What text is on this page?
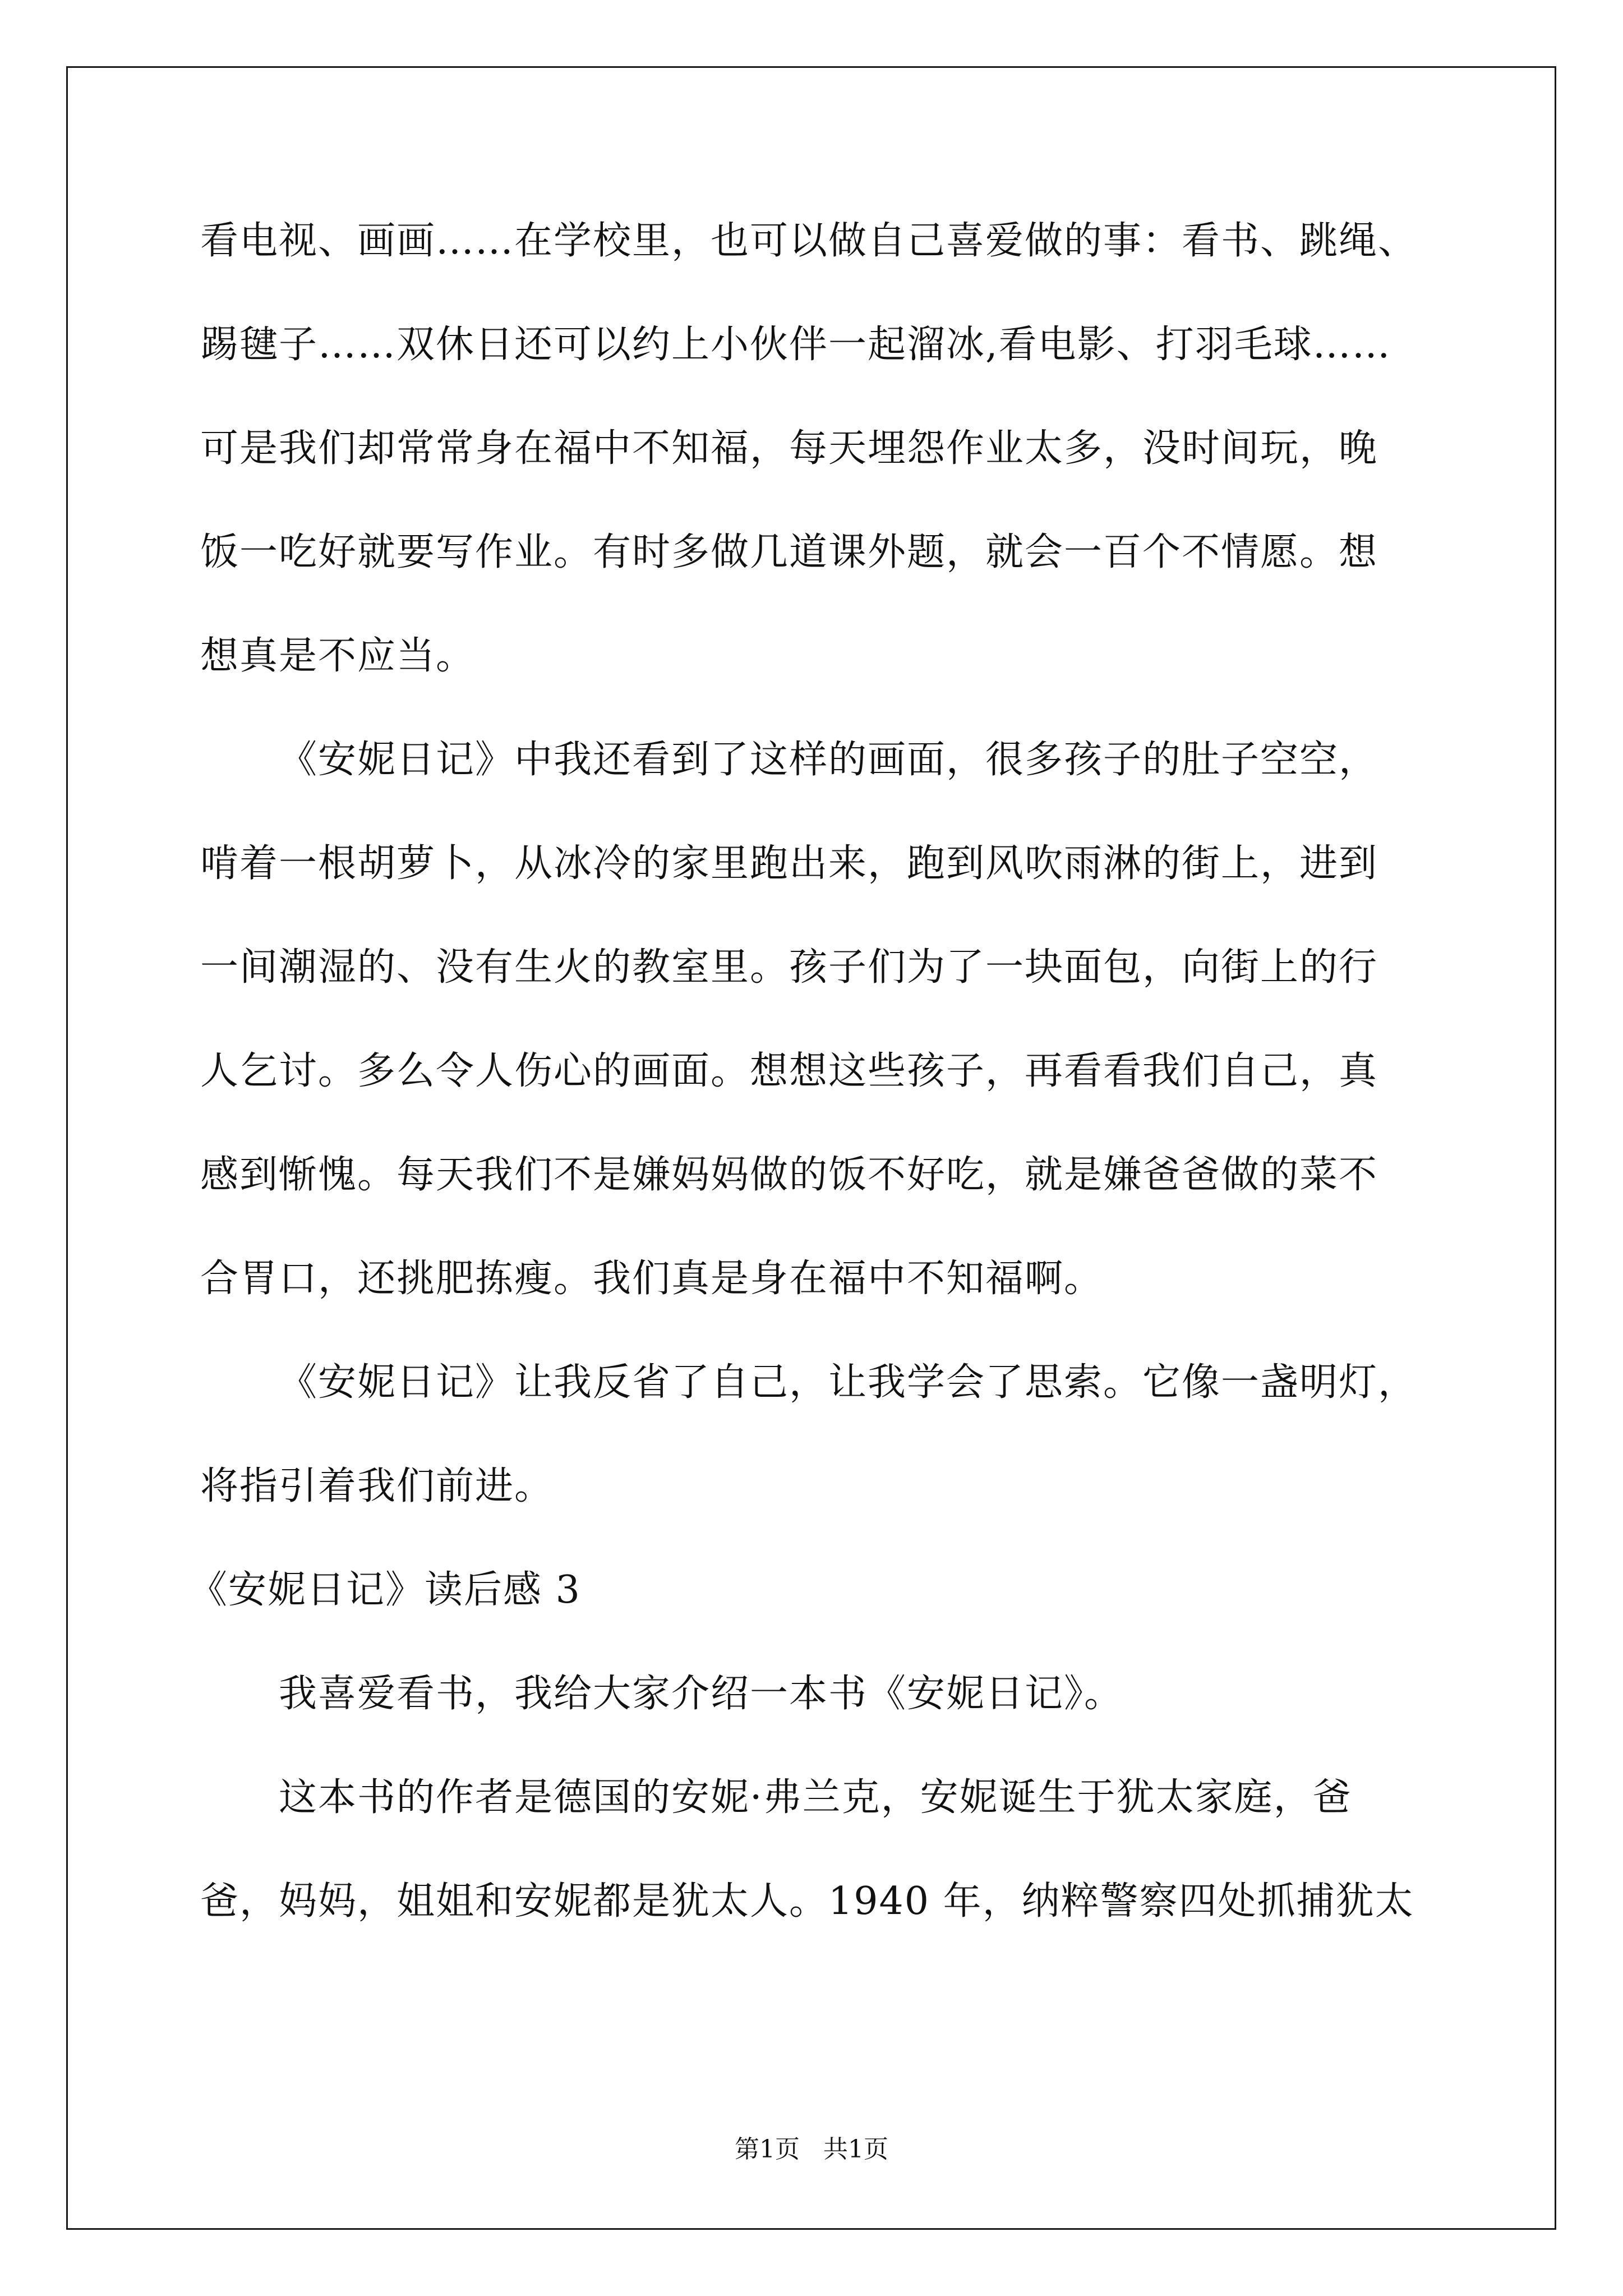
看电视、画画……在学校里，也可以做自己喜爱做的事：看书、跳绳、
踢毽子……双休日还可以约上小伙伴一起溜冰,看电影、打羽毛球……
可是我们却常常身在福中不知福，每天埋怨作业太多，没时间玩，晚
饭一吃好就要写作业。有时多做几道课外题，就会一百个不情愿。想
想真是不应当。
《安妮日记》中我还看到了这样的画面，很多孩子的肚子空空，
啃着一根胡萝卜，从冰冷的家里跑出来，跑到风吹雨淋的街上，进到
一间潮湿的、没有生火的教室里。孩子们为了一块面包，向街上的行
人乞讨。多么令人伤心的画面。想想这些孩子，再看看我们自己，真
感到惭愧。每天我们不是嫌妈妈做的饭不好吃，就是嫌爸爸做的菜不
合胃口，还挑肥拣瘦。我们真是身在福中不知福啊。
《安妮日记》让我反省了自己，让我学会了思索。它像一盏明灯，
将指引着我们前进。
《安妮日记》读后感 3
我喜爱看书，我给大家介绍一本书《安妮日记》。
这本书的作者是德国的安妮·弗兰克，安妮诞生于犹太家庭，爸
爸，妈妈，姐姐和安妮都是犹太人。1940 年，纳粹警察四处抓捕犹太
第1页   共1页
